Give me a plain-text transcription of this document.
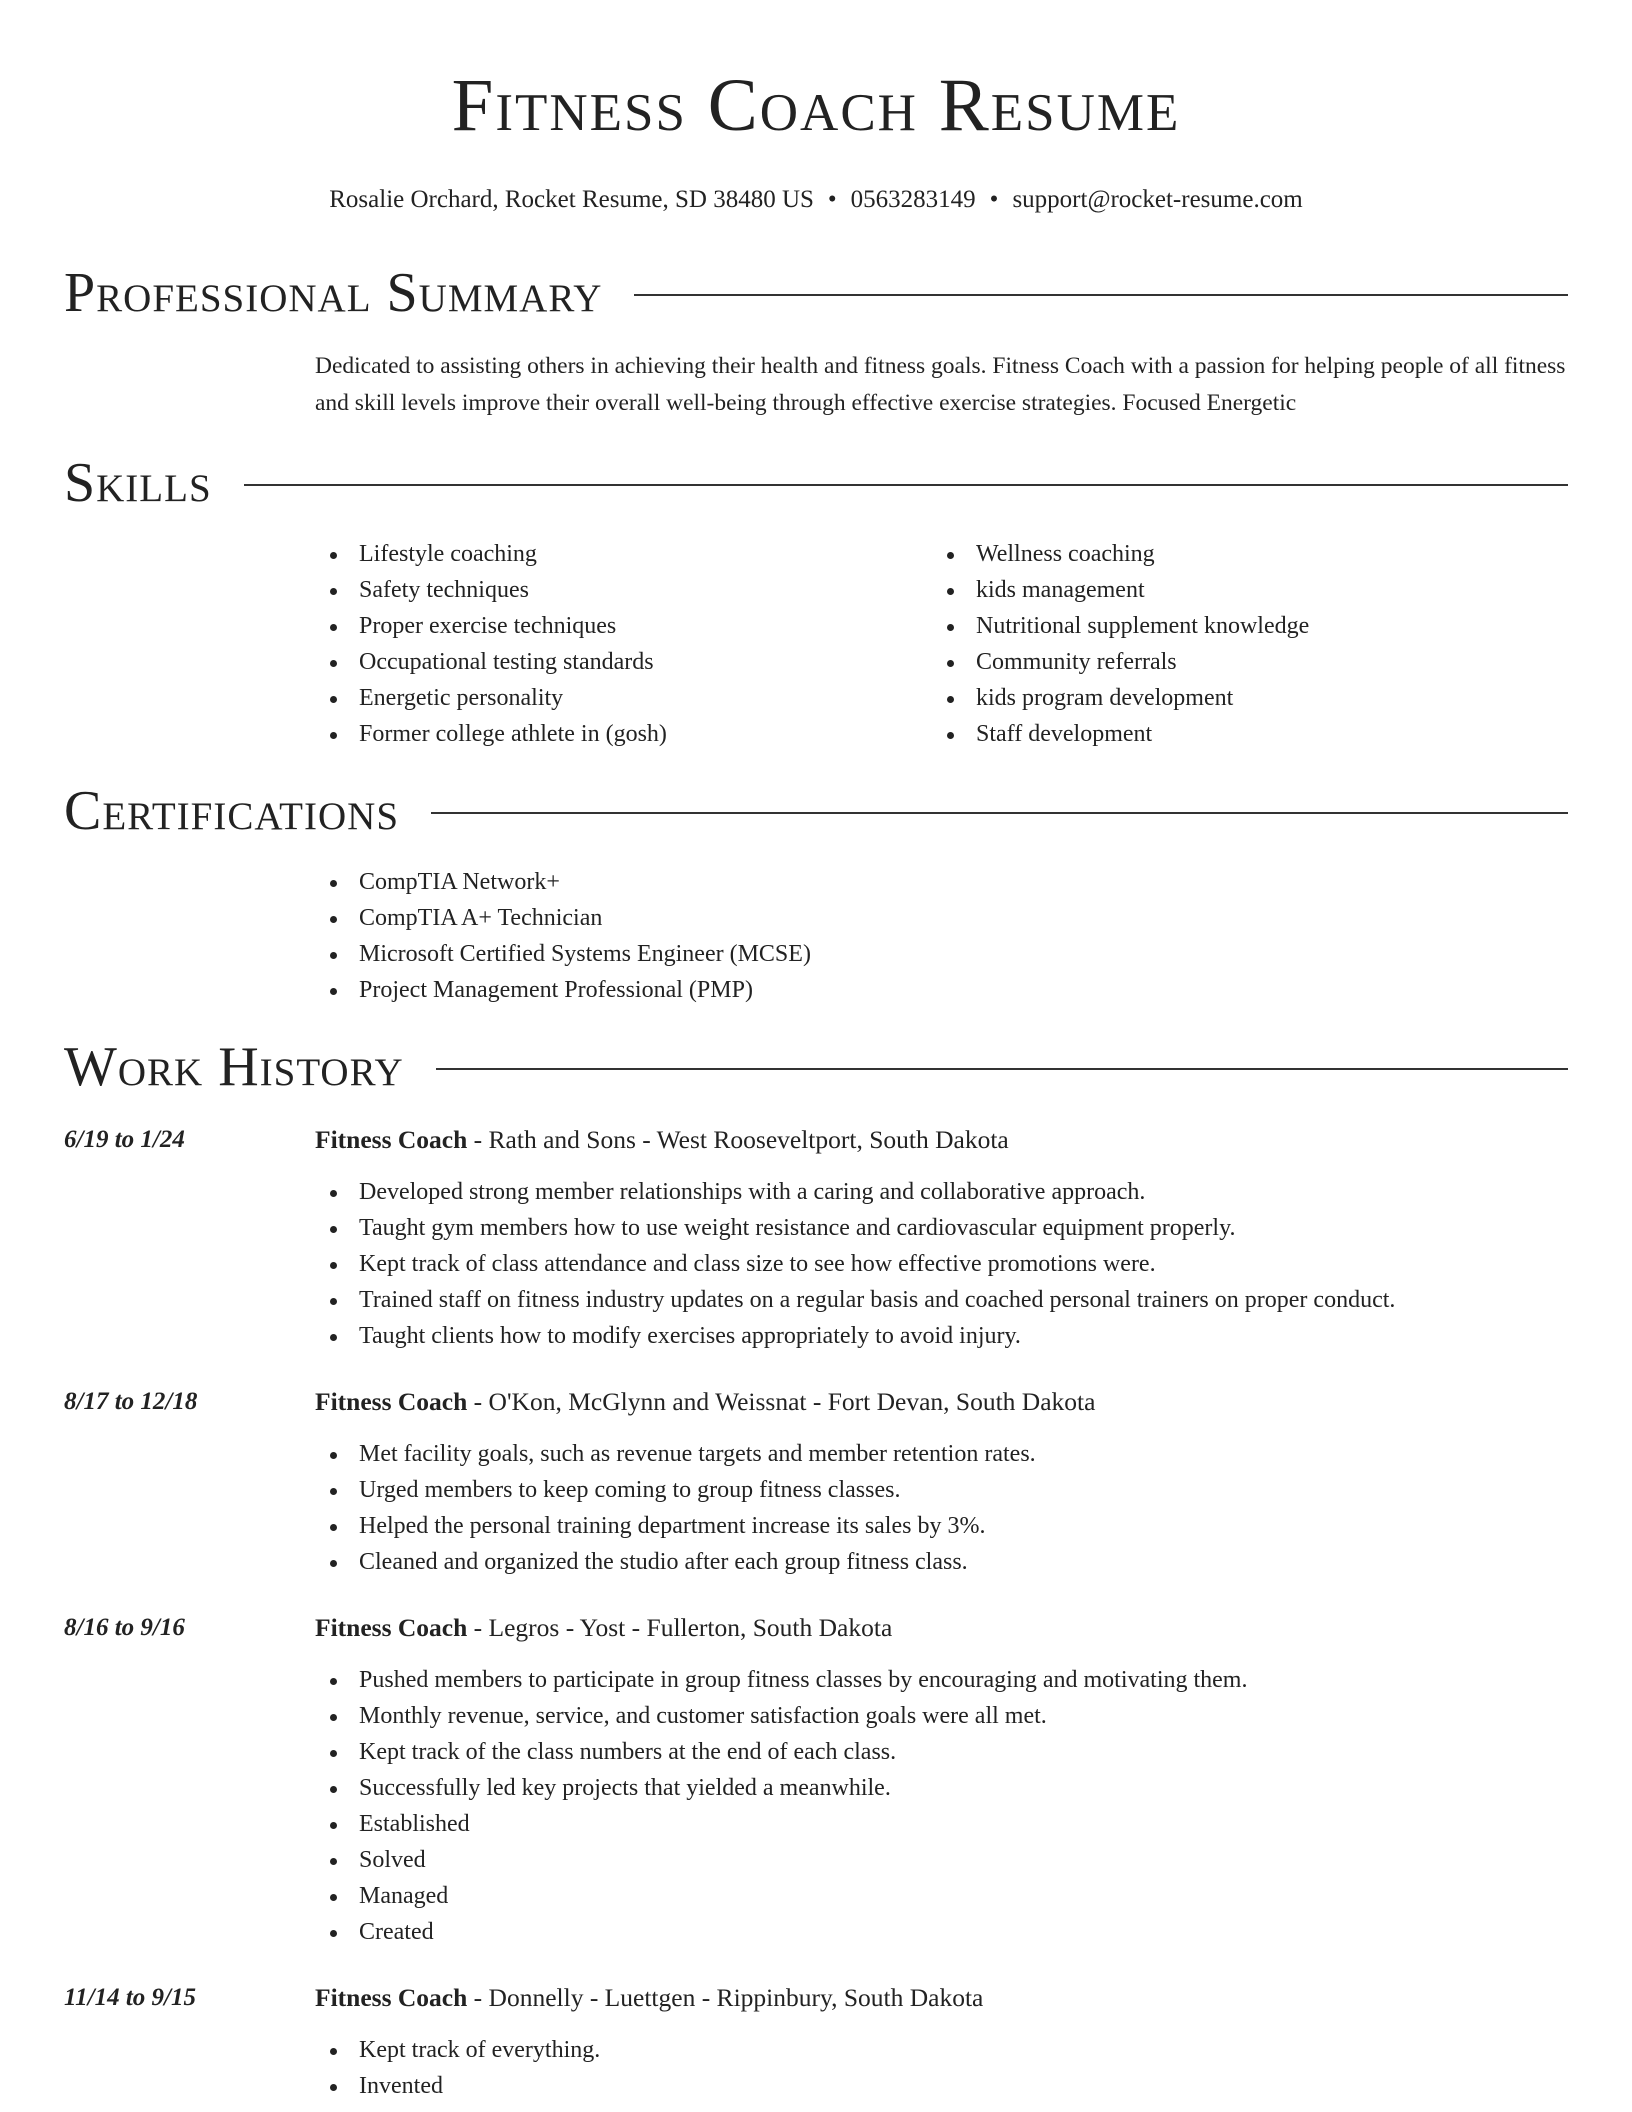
Fitness Coach Resume
Rosalie Orchard, Rocket Resume, SD 38480 US • 0563283149 • support@rocket-resume.com
Professional Summary
Dedicated to assisting others in achieving their health and fitness goals. Fitness Coach with a passion for helping people of all fitness and skill levels improve their overall well-being through effective exercise strategies. Focused Energetic
Skills
Lifestyle coaching
Safety techniques
Proper exercise techniques
Occupational testing standards
Energetic personality
Former college athlete in (gosh)
Wellness coaching
kids management
Nutritional supplement knowledge
Community referrals
kids program development
Staff development
Certifications
CompTIA Network+
CompTIA A+ Technician
Microsoft Certified Systems Engineer (MCSE)
Project Management Professional (PMP)
Work History
6/19 to 1/24	Fitness Coach - Rath and Sons - West Rooseveltport, South Dakota
Developed strong member relationships with a caring and collaborative approach.
Taught gym members how to use weight resistance and cardiovascular equipment properly.
Kept track of class attendance and class size to see how effective promotions were.
Trained staff on fitness industry updates on a regular basis and coached personal trainers on proper conduct.
Taught clients how to modify exercises appropriately to avoid injury.
8/17 to 12/18	Fitness Coach - O'Kon, McGlynn and Weissnat - Fort Devan, South Dakota
Met facility goals, such as revenue targets and member retention rates.
Urged members to keep coming to group fitness classes.
Helped the personal training department increase its sales by 3%.
Cleaned and organized the studio after each group fitness class.
8/16 to 9/16	Fitness Coach - Legros - Yost - Fullerton, South Dakota
Pushed members to participate in group fitness classes by encouraging and motivating them.
Monthly revenue, service, and customer satisfaction goals were all met.
Kept track of the class numbers at the end of each class.
Successfully led key projects that yielded a meanwhile.
Established
Solved
Managed
Created
11/14 to 9/15	Fitness Coach - Donnelly - Luettgen - Rippinbury, South Dakota
Kept track of everything.
Invented
